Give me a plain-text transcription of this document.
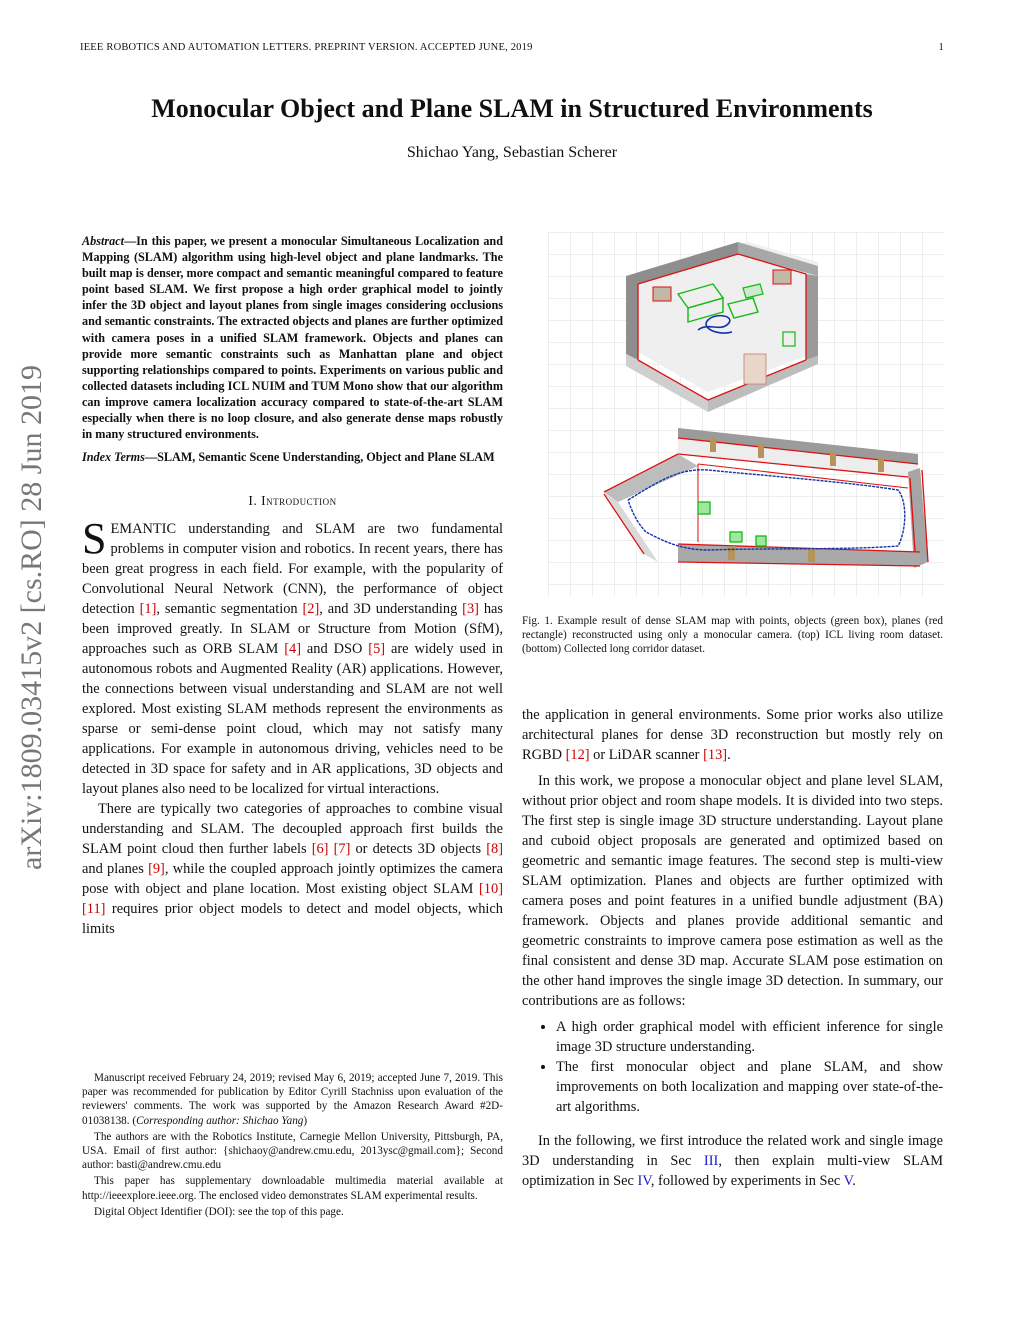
IEEE ROBOTICS AND AUTOMATION LETTERS. PREPRINT VERSION. ACCEPTED JUNE, 2019	1
Monocular Object and Plane SLAM in Structured Environments
Shichao Yang, Sebastian Scherer
arXiv:1809.03415v2 [cs.RO] 28 Jun 2019

Abstract—In this paper, we present a monocular Simultaneous Localization and Mapping (SLAM) algorithm using high-level object and plane landmarks. The built map is denser, more compact and semantic meaningful compared to feature point based SLAM. We first propose a high order graphical model to jointly infer the 3D object and layout planes from single images considering occlusions and semantic constraints. The extracted objects and planes are further optimized with camera poses in a unified SLAM framework. Objects and planes can provide more semantic constraints such as Manhattan plane and object supporting relationships compared to points. Experiments on various public and collected datasets including ICL NUIM and TUM Mono show that our algorithm can improve camera localization accuracy compared to state-of-the-art SLAM especially when there is no loop closure, and also generate dense maps robustly in many structured environments.

Index Terms—SLAM, Semantic Scene Understanding, Object and Plane SLAM

I. Introduction

SEMANTIC understanding and SLAM are two fundamental problems in computer vision and robotics. In recent years, there has been great progress in each field. For example, with the popularity of Convolutional Neural Network (CNN), the performance of object detection [1], semantic segmentation [2], and 3D understanding [3] has been improved greatly. In SLAM or Structure from Motion (SfM), approaches such as ORB SLAM [4] and DSO [5] are widely used in autonomous robots and Augmented Reality (AR) applications. However, the connections between visual understanding and SLAM are not well explored. Most existing SLAM methods represent the environments as sparse or semi-dense point cloud, which may not satisfy many applications. For example in autonomous driving, vehicles need to be detected in 3D space for safety and in AR applications, 3D objects and layout planes also need to be localized for virtual interactions.

There are typically two categories of approaches to combine visual understanding and SLAM. The decoupled approach first builds the SLAM point cloud then further labels [6] [7] or detects 3D objects [8] and planes [9], while the coupled approach jointly optimizes the camera pose with object and plane location. Most existing object SLAM [10] [11] requires prior object models to detect and model objects, which limits

Manuscript received February 24, 2019; revised May 6, 2019; accepted June 7, 2019. This paper was recommended for publication by Editor Cyrill Stachniss upon evaluation of the reviewers' comments. The work was supported by the Amazon Research Award #2D-01038138. (Corresponding author: Shichao Yang)

The authors are with the Robotics Institute, Carnegie Mellon University, Pittsburgh, PA, USA. Email of first author: {shichaoy@andrew.cmu.edu, 2013ysc@gmail.com}; Second author: basti@andrew.cmu.edu

This paper has supplementary downloadable multimedia material available at http://ieeexplore.ieee.org. The enclosed video demonstrates SLAM experimental results.

Digital Object Identifier (DOI): see the top of this page.

Fig. 1. Example result of dense SLAM map with points, objects (green box), planes (red rectangle) reconstructed using only a monocular camera. (top) ICL living room dataset. (bottom) Collected long corridor dataset.

the application in general environments. Some prior works also utilize architectural planes for dense 3D reconstruction but mostly rely on RGBD [12] or LiDAR scanner [13].

In this work, we propose a monocular object and plane level SLAM, without prior object and room shape models. It is divided into two steps. The first step is single image 3D structure understanding. Layout plane and cuboid object proposals are generated and optimized based on geometric and semantic image features. The second step is multi-view SLAM optimization. Planes and objects are further optimized with camera poses and point features in a unified bundle adjustment (BA) framework. Objects and planes provide additional semantic and geometric constraints to improve camera pose estimation as well as the final consistent and dense 3D map. Accurate SLAM pose estimation on the other hand improves the single image 3D detection. In summary, our contributions are as follows:

• A high order graphical model with efficient inference for single image 3D structure understanding.
• The first monocular object and plane SLAM, and show improvements on both localization and mapping over state-of-the-art algorithms.

In the following, we first introduce the related work and single image 3D understanding in Sec III, then explain multi-view SLAM optimization in Sec IV, followed by experiments in Sec V.
